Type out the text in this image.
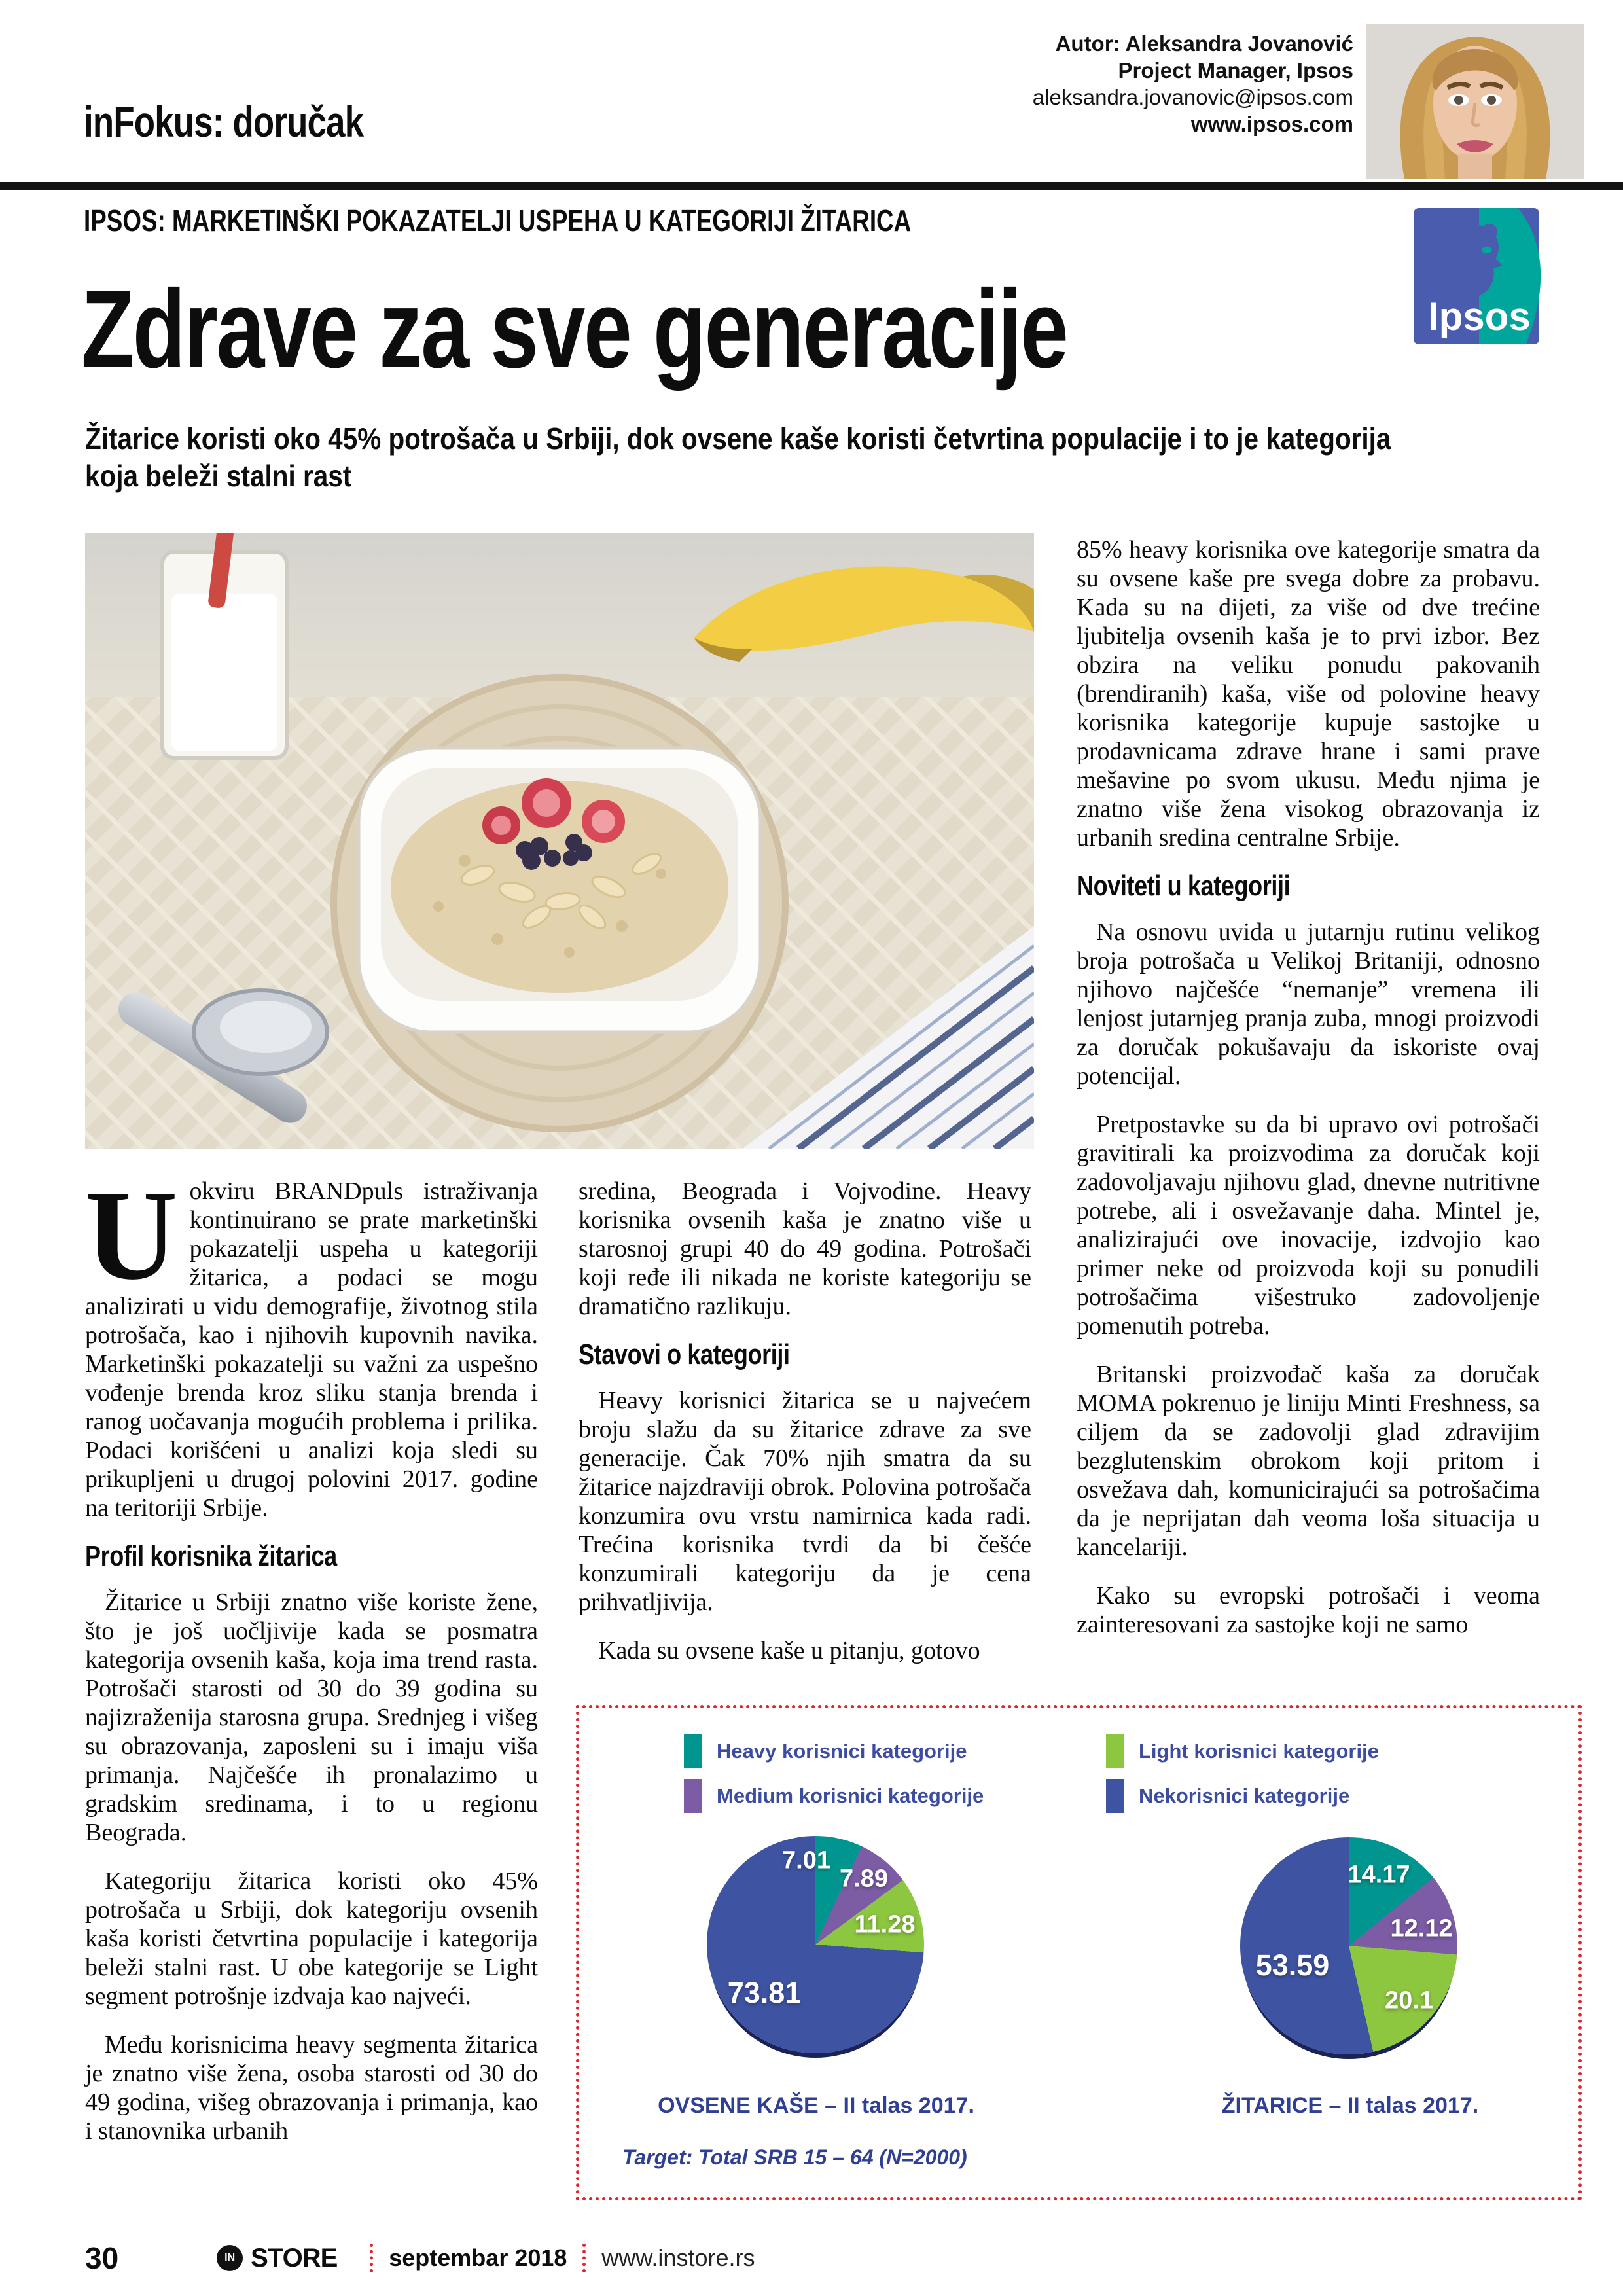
inFokus: doručak
Autor: Aleksandra Jovanović
Project Manager, Ipsos
aleksandra.jovanovic@ipsos.com
www.ipsos.com
IPSOS: MARKETINŠKI POKAZATELJI USPEHA U KATEGORIJI ŽITARICA
Ipsos
Zdrave za sve generacije
Žitarice koristi oko 45% potrošača u Srbiji, dok ovsene kaše koristi četvrtina populacije i to je kategorija koja beleži stalni rast

Uokviru BRANDpuls istraživanja kontinuirano se prate marketinški pokazatelji uspeha u kategoriji žitarica, a podaci se mogu analizirati u vidu demografije, životnog stila potrošača, kao i njihovih kupovnih navika. Marketinški pokazatelji su važni za uspešno vođenje brenda kroz sliku stanja brenda i ranog uočavanja mogućih problema i prilika. Podaci korišćeni u analizi koja sledi su prikupljeni u drugoj polovini 2017. godine na teritoriji Srbije.

Profil korisnika žitarica

Žitarice u Srbiji znatno više koriste žene, što je još uočljivije kada se posmatra kategorija ovsenih kaša, koja ima trend rasta. Potrošači starosti od 30 do 39 godina su najizraženija starosna grupa. Srednjeg i višeg su obrazovanja, zaposleni su i imaju viša primanja. Najčešće ih pronalazimo u gradskim sredinama, i to u regionu Beograda.

Kategoriju žitarica koristi oko 45% potrošača u Srbiji, dok kategoriju ovsenih kaša koristi četvrtina populacije i kategorija beleži stalni rast. U obe kategorije se Light segment potrošnje izdvaja kao najveći.

Među korisnicima heavy segmenta žitarica je znatno više žena, osoba starosti od 30 do 49 godina, višeg obrazovanja i primanja, kao i stanovnika urbanih

sredina, Beograda i Vojvodine. Heavy korisnika ovsenih kaša je znatno više u starosnoj grupi 40 do 49 godina. Potrošači koji ređe ili nikada ne koriste kategoriju se dramatično razlikuju.

Stavovi o kategoriji

Heavy korisnici žitarica se u najvećem broju slažu da su žitarice zdrave za sve generacije. Čak 70% njih smatra da su žitarice najzdraviji obrok. Polovina potrošača konzumira ovu vrstu namirnica kada radi. Trećina korisnika tvrdi da bi češće konzumirali kategoriju da je cena prihvatljivija.

Kada su ovsene kaše u pitanju, gotovo

85% heavy korisnika ove kategorije smatra da su ovsene kaše pre svega dobre za probavu. Kada su na dijeti, za više od dve trećine ljubitelja ovsenih kaša je to prvi izbor. Bez obzira na veliku ponudu pakovanih (brendiranih) kaša, više od polovine heavy korisnika kategorije kupuje sastojke u prodavnicama zdrave hrane i sami prave mešavine po svom ukusu. Među njima je znatno više žena visokog obrazovanja iz urbanih sredina centralne Srbije.

Noviteti u kategoriji

Na osnovu uvida u jutarnju rutinu velikog broja potrošača u Velikoj Britaniji, odnosno njihovo najčešće “nemanje” vremena ili lenjost jutarnjeg pranja zuba, mnogi proizvodi za doručak pokušavaju da iskoriste ovaj potencijal.

Pretpostavke su da bi upravo ovi potrošači gravitirali ka proizvodima za doručak koji zadovoljavaju njihovu glad, dnevne nutritivne potrebe, ali i osvežavanje daha. Mintel je, analizirajući ove inovacije, izdvojio kao primer neke od proizvoda koji su ponudili potrošačima višestruko zadovoljenje pomenutih potreba.

Britanski proizvođač kaša za doručak MOMA pokrenuo je liniju Minti Freshness, sa ciljem da se zadovolji glad zdravijim bezglutenskim obrokom koji pritom i osvežava dah, komunicirajući sa potrošačima da je neprijatan dah veoma loša situacija u kancelariji.

Kako su evropski potrošači i veoma zainteresovani za sastojke koji ne samo

Heavy korisnici kategorije
Medium korisnici kategorije
Light korisnici kategorije
Nekorisnici kategorije
7.01
7.89
11.28
73.81
14.17
12.12
20.1
53.59
OVSENE KAŠE – II talas 2017.	ŽITARICE – II talas 2017.
Target: Total SRB 15 – 64 (N=2000)
30	IN STORE septembar 2018 www.instore.rs
